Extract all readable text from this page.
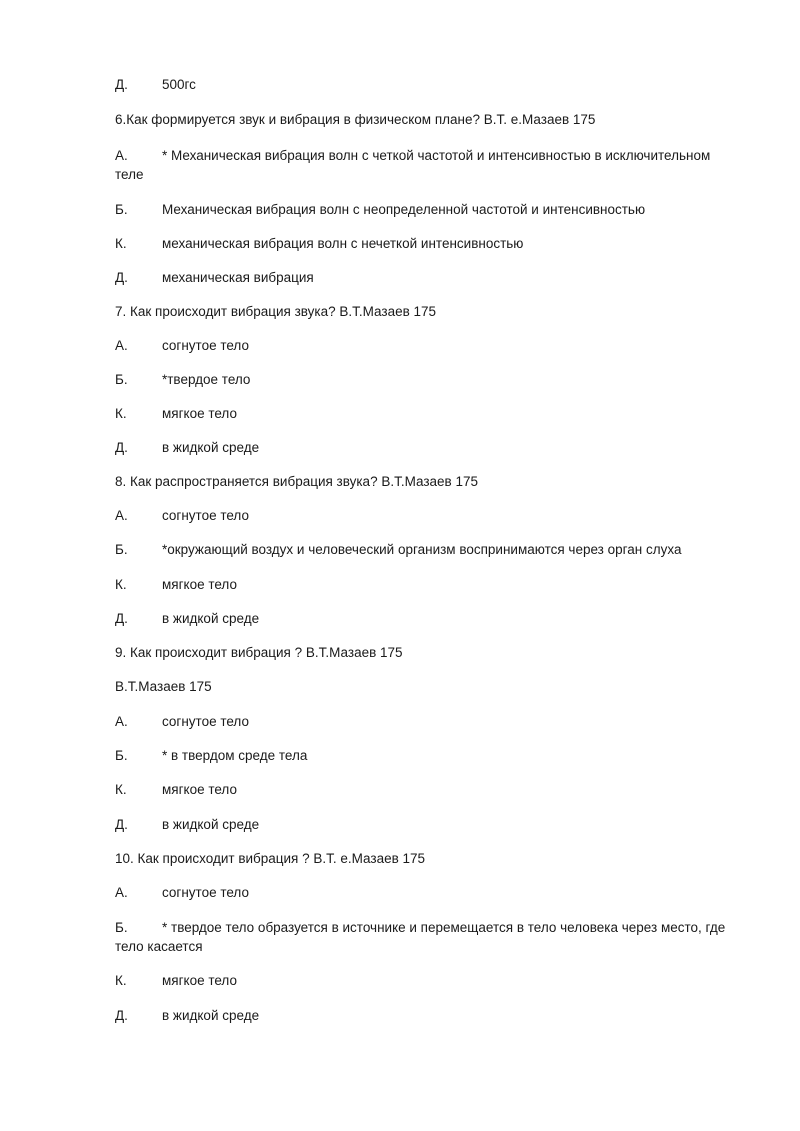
Д.	500гс
6.Как формируется звук и вибрация в физическом плане? В.Т. е.Мазаев 175
А.	* Механическая вибрация волн с четкой частотой и интенсивностью в исключительном теле
Б.	Механическая вибрация волн с неопределенной частотой и интенсивностью
К.	механическая вибрация волн с нечеткой интенсивностью
Д.	механическая вибрация
7. Как происходит вибрация звука? В.Т.Мазаев 175
А.	согнутое тело
Б.	*твердое тело
К.	мягкое тело
Д.	в жидкой среде
8. Как распространяется вибрация звука? В.Т.Мазаев 175
А.	согнутое тело
Б.	*окружающий воздух и человеческий организм воспринимаются через орган слуха
К.	мягкое тело
Д.	в жидкой среде
9. Как происходит вибрация ? В.Т.Мазаев 175
В.Т.Мазаев 175
А.	согнутое тело
Б.	* в твердом среде тела
К.	мягкое тело
Д.	в жидкой среде
10. Как происходит вибрация ? В.Т. е.Мазаев 175
А.	согнутое тело
Б.	* твердое тело образуется в источнике и перемещается в тело человека через место, где тело касается
К.	мягкое тело
Д.	в жидкой среде
